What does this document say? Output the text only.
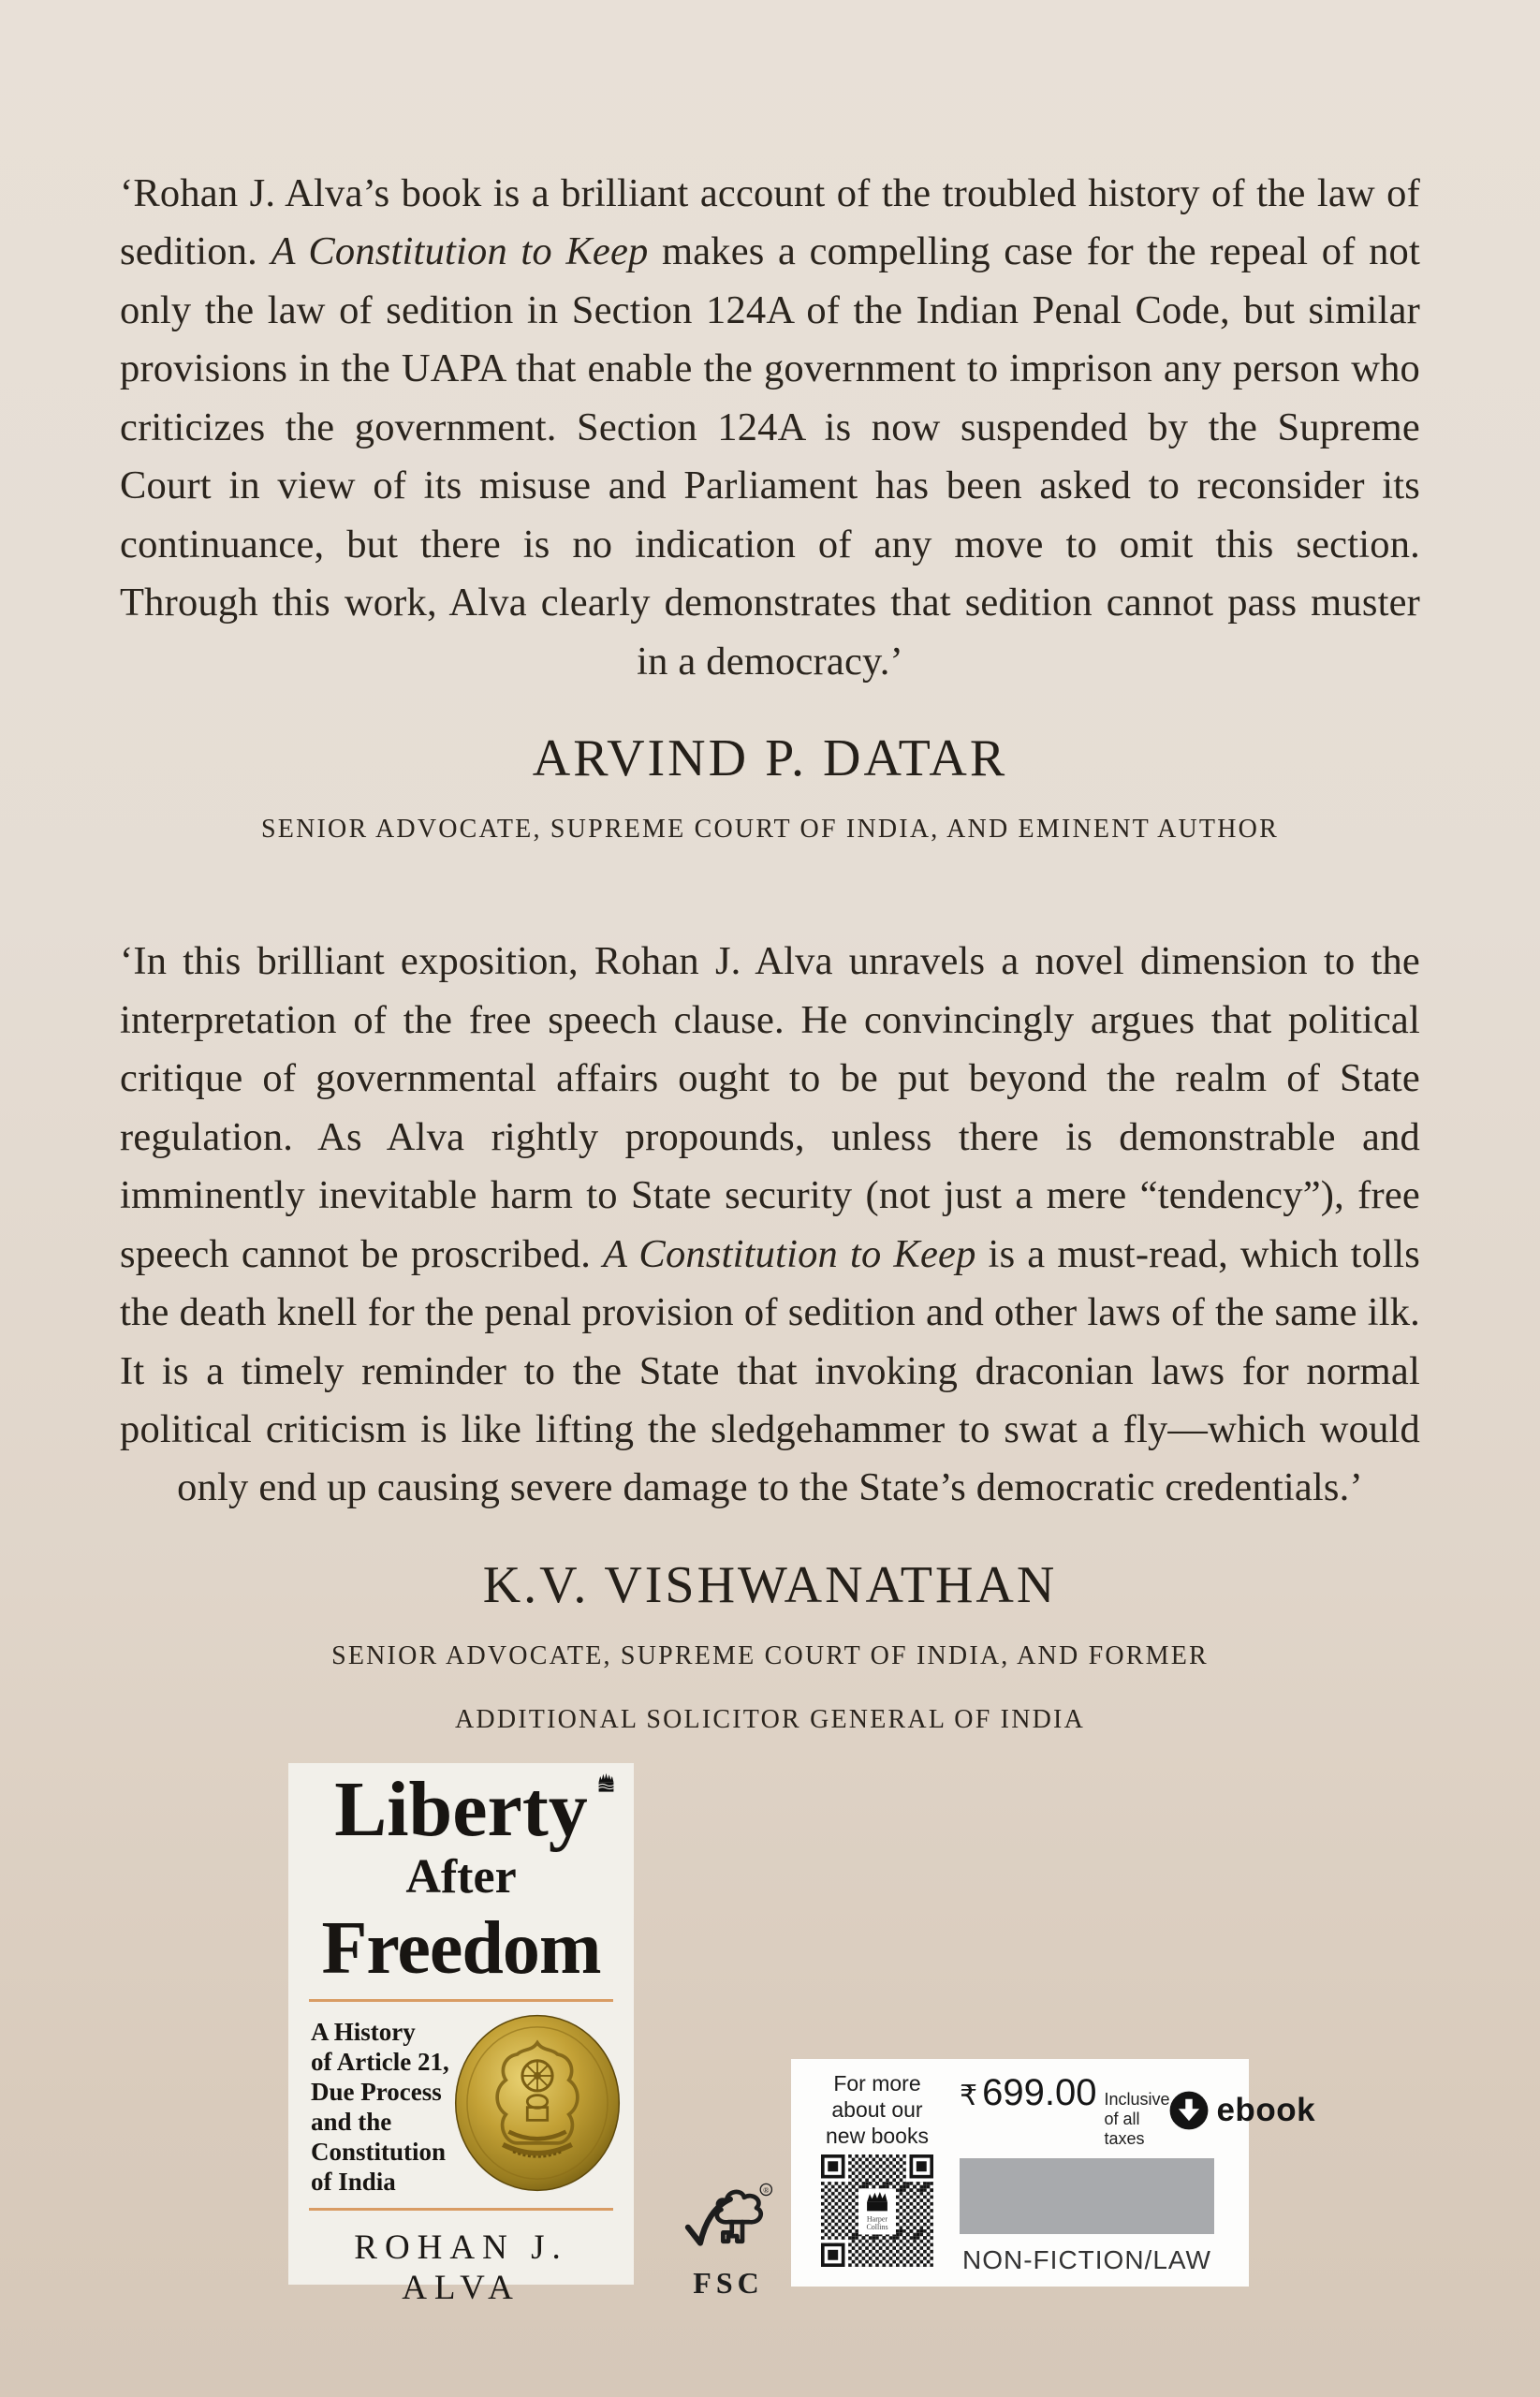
‘Rohan J. Alva’s book is a brilliant account of the troubled history of the law of sedition. A Constitution to Keep makes a compelling case for the repeal of not only the law of sedition in Section 124A of the Indian Penal Code, but similar provisions in the UAPA that enable the government to imprison any person who criticizes the government. Section 124A is now suspended by the Supreme Court in view of its misuse and Parliament has been asked to reconsider its continuance, but there is no indication of any move to omit this section. Through this work, Alva clearly demonstrates that sedition cannot pass muster in a democracy.’

ARVIND P. DATAR

SENIOR ADVOCATE, SUPREME COURT OF INDIA, AND EMINENT AUTHOR

‘In this brilliant exposition, Rohan J. Alva unravels a novel dimension to the interpretation of the free speech clause. He convincingly argues that political critique of governmental affairs ought to be put beyond the realm of State regulation. As Alva rightly propounds, unless there is demonstrable and imminently inevitable harm to State security (not just a mere “tendency”), free speech cannot be proscribed. A Constitution to Keep is a must-read, which tolls the death knell for the penal provision of sedition and other laws of the same ilk. It is a timely reminder to the State that invoking draconian laws for normal political criticism is like lifting the sledgehammer to swat a fly—which would only end up causing severe damage to the State’s democratic credentials.’

K.V. VISHWANATHAN

SENIOR ADVOCATE, SUPREME COURT OF INDIA, AND FORMER

ADDITIONAL SOLICITOR GENERAL OF INDIA

Liberty
After
Freedom
A History
of Article 21,
Due Process
and the
Constitution
of India
ROHAN J. ALVA
®
FSC
For more
about our
new books
Harper
Collins
₹ 699.00 Inclusive of all taxes
ebook
NON-FICTION/LAW
